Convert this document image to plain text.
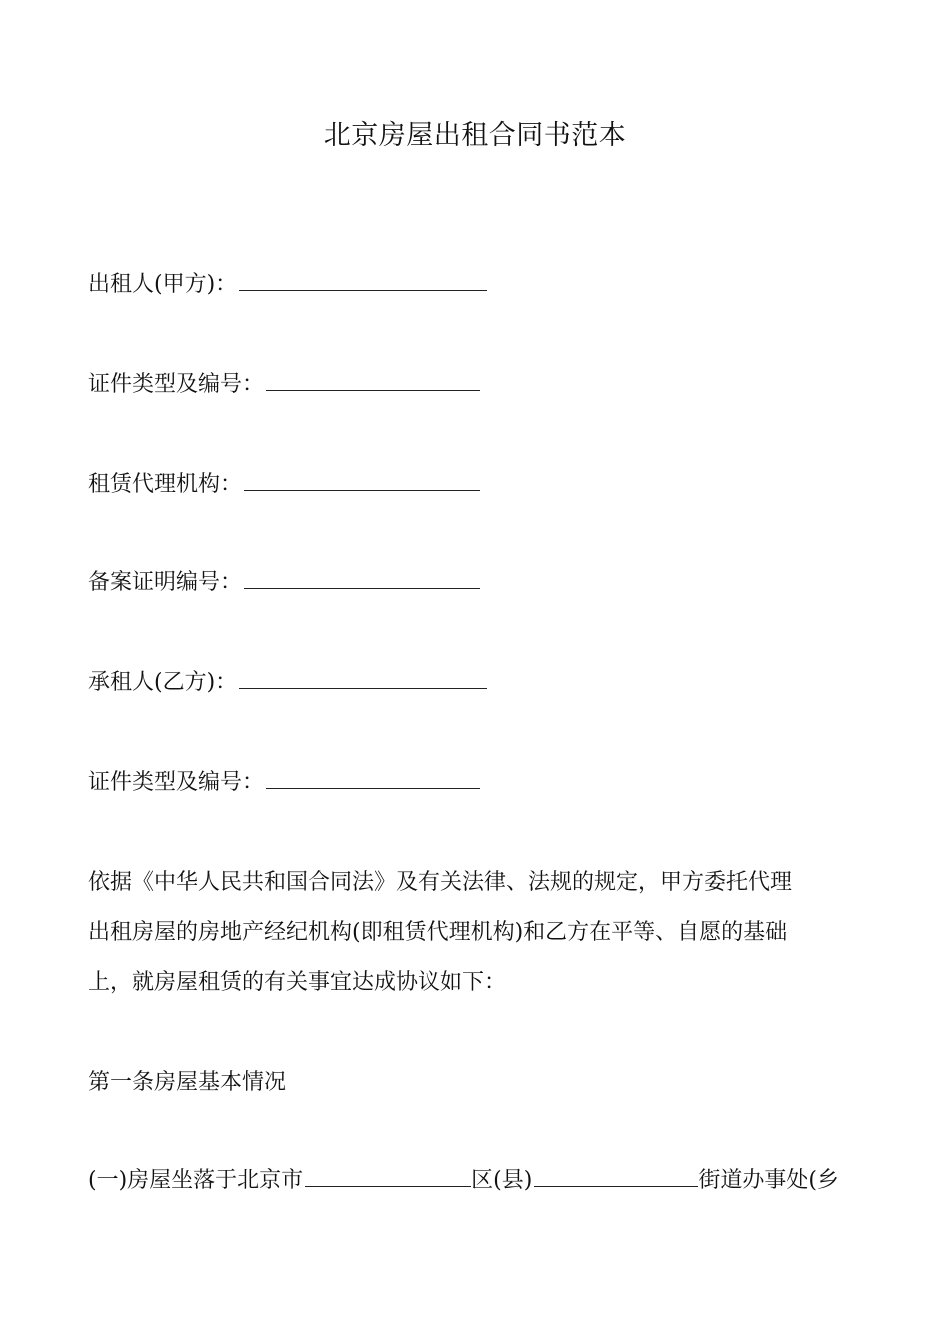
北京房屋出租合同书范本
出租人(甲方)：
证件类型及编号：
租赁代理机构：
备案证明编号：
承租人(乙方)：
证件类型及编号：
依据《中华人民共和国合同法》及有关法律、法规的规定，甲方委托代理
出租房屋的房地产经纪机构(即租赁代理机构)和乙方在平等、自愿的基础
上，就房屋租赁的有关事宜达成协议如下：
第一条房屋基本情况
(一)房屋坐落于北京市	区(县)	街道办事处(乡
